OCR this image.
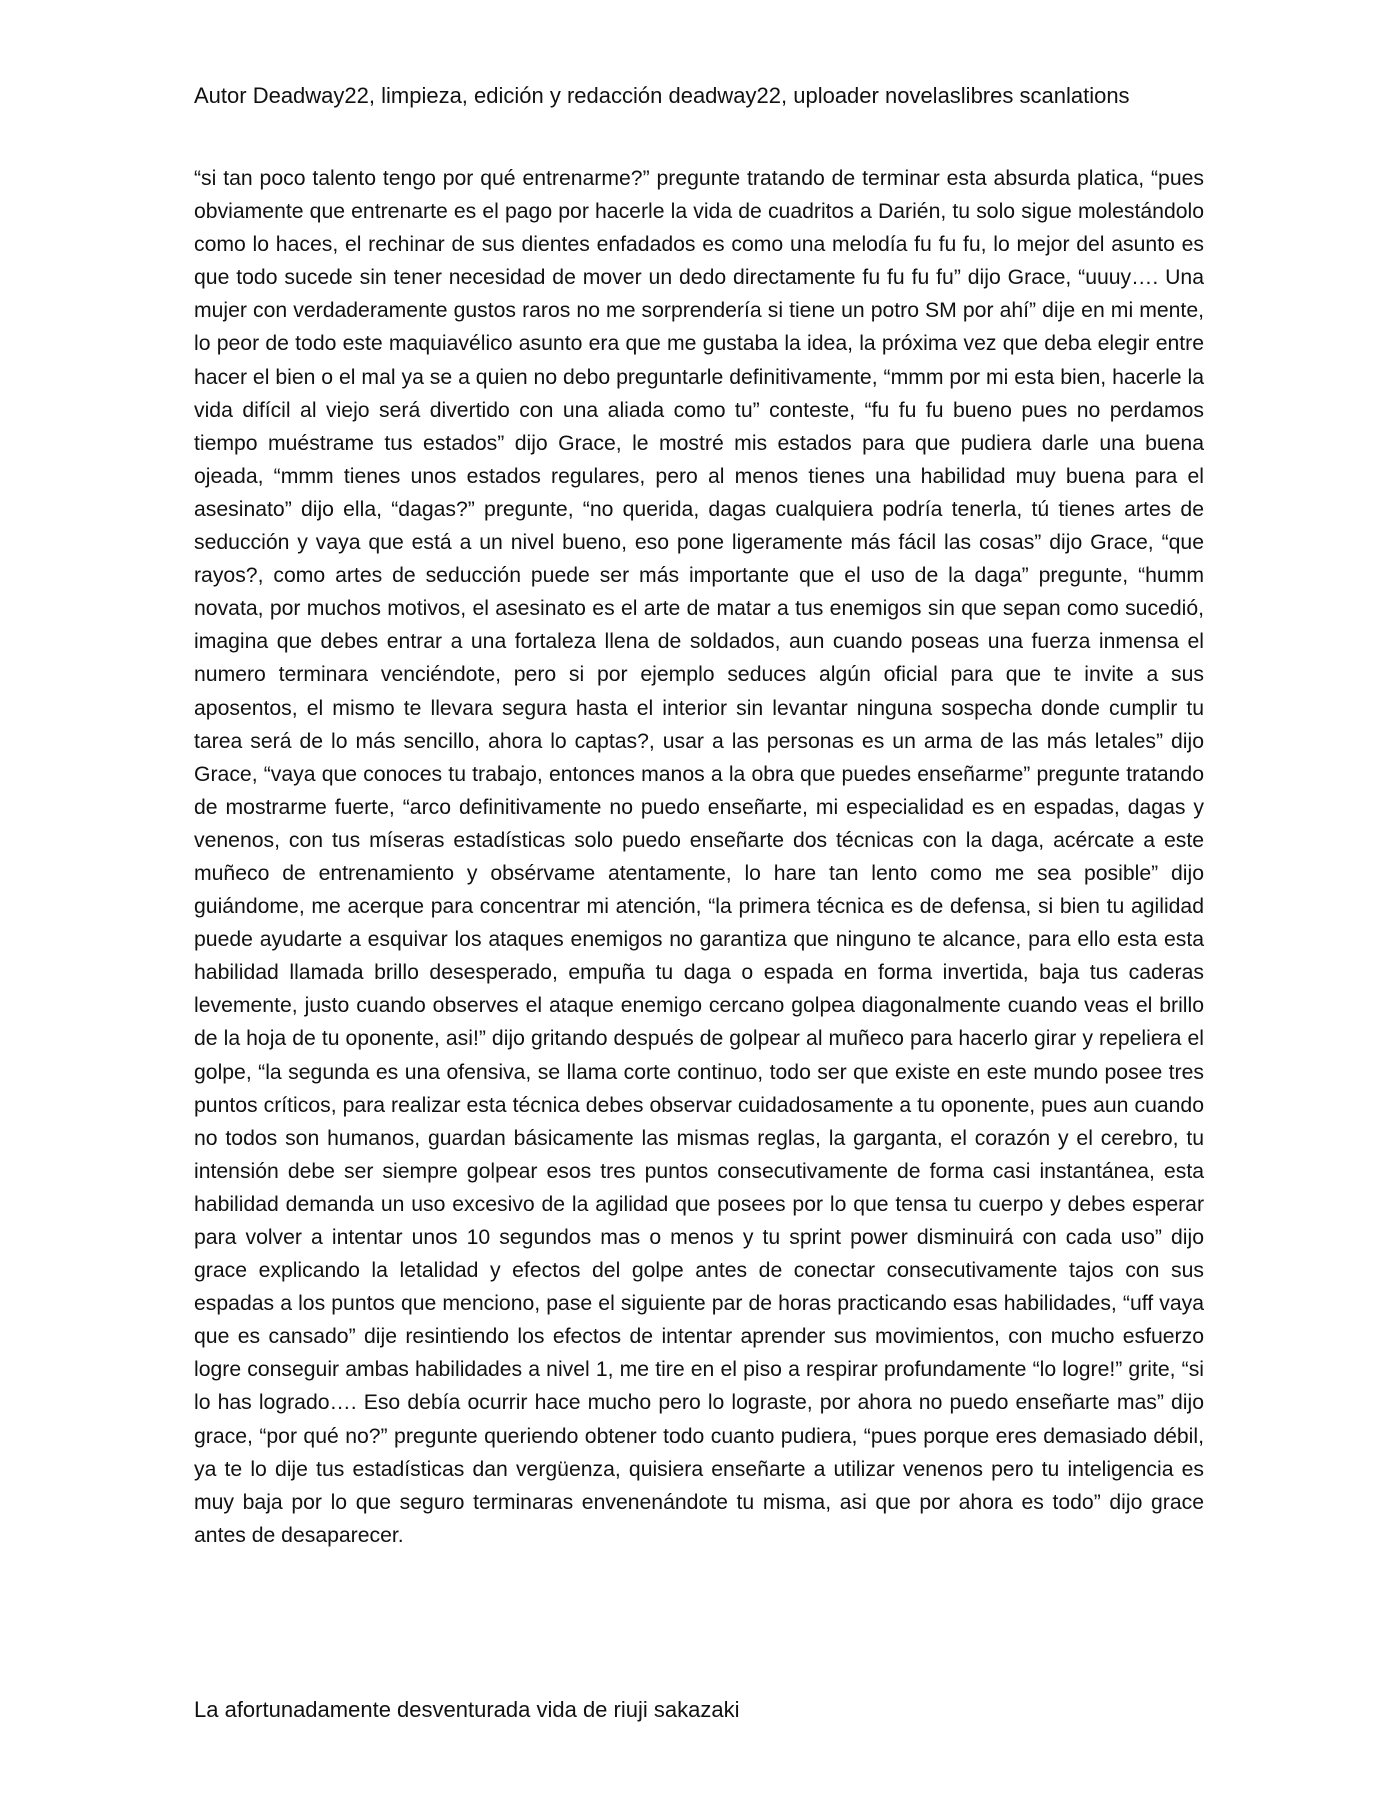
Autor Deadway22, limpieza, edición y redacción deadway22, uploader novelaslibres scanlations
“si tan poco talento tengo por qué entrenarme?” pregunte tratando de terminar esta absurda platica, “pues obviamente que entrenarte es el pago por hacerle la vida de cuadritos a Darién, tu solo sigue molestándolo como lo haces, el rechinar de sus dientes enfadados es como una melodía fu fu fu, lo mejor del asunto es que todo sucede sin tener necesidad de mover un dedo directamente fu fu fu fu” dijo Grace, “uuuy…. Una mujer con verdaderamente gustos raros no me sorprendería si tiene un potro SM por ahí” dije en mi mente, lo peor de todo este maquiavélico asunto era que me gustaba la idea, la próxima vez que deba elegir entre hacer el bien o el mal ya se a quien no debo preguntarle definitivamente, “mmm por mi esta bien, hacerle la vida difícil al viejo será divertido con una aliada como tu” conteste, “fu fu fu bueno pues no perdamos tiempo muéstrame tus estados” dijo Grace, le mostré mis estados para que pudiera darle una buena ojeada, “mmm tienes unos estados regulares, pero al menos tienes una habilidad muy buena para el asesinato” dijo ella, “dagas?” pregunte, “no querida, dagas cualquiera podría tenerla, tú tienes artes de seducción y vaya que está a un nivel bueno, eso pone ligeramente más fácil las cosas” dijo Grace, “que rayos?, como artes de seducción puede ser más importante que el uso de la daga” pregunte, “humm novata, por muchos motivos, el asesinato es el arte de matar a tus enemigos sin que sepan como sucedió, imagina que debes entrar a una fortaleza llena de soldados, aun cuando poseas una fuerza inmensa el numero terminara venciéndote, pero si por ejemplo seduces algún oficial para que te invite a sus aposentos, el mismo te llevara segura hasta el interior sin levantar ninguna sospecha donde cumplir tu tarea será de lo más sencillo, ahora lo captas?, usar a las personas es un arma de las más letales” dijo Grace, “vaya que conoces tu trabajo, entonces manos a la obra que puedes enseñarme” pregunte tratando de mostrarme fuerte, “arco definitivamente no puedo enseñarte, mi especialidad es en espadas, dagas y venenos, con tus míseras estadísticas solo puedo enseñarte dos técnicas con la daga, acércate a este muñeco de entrenamiento y obsérvame atentamente, lo hare tan lento como me sea posible” dijo guiándome, me acerque para concentrar mi atención, “la primera técnica es de defensa, si bien tu agilidad puede ayudarte a esquivar los ataques enemigos no garantiza que ninguno te alcance, para ello esta esta habilidad llamada brillo desesperado, empuña tu daga o espada en forma invertida, baja tus caderas levemente, justo cuando observes el ataque enemigo cercano golpea diagonalmente cuando veas el brillo de la hoja de tu oponente, asi!” dijo gritando después de golpear al muñeco para hacerlo girar y repeliera el golpe, “la segunda es una ofensiva, se llama corte continuo, todo ser que existe en este mundo posee tres puntos críticos, para realizar esta técnica debes observar cuidadosamente a tu oponente, pues aun cuando no todos son humanos, guardan básicamente las mismas reglas, la garganta, el corazón y el cerebro, tu intensión debe ser siempre golpear esos tres puntos consecutivamente de forma casi instantánea, esta habilidad demanda un uso excesivo de la agilidad que posees por lo que tensa tu cuerpo y debes esperar para volver a intentar unos 10 segundos mas o menos y tu sprint power disminuirá con cada uso” dijo grace explicando la letalidad y efectos del golpe antes de conectar consecutivamente tajos con sus espadas a los puntos que menciono, pase el siguiente par de horas practicando esas habilidades, “uff vaya que es cansado” dije resintiendo los efectos de intentar aprender sus movimientos, con mucho esfuerzo logre conseguir ambas habilidades a nivel 1, me tire en el piso a respirar profundamente “lo logre!” grite, “si lo has logrado…. Eso debía ocurrir hace mucho pero lo lograste, por ahora no puedo enseñarte mas” dijo grace, “por qué no?” pregunte queriendo obtener todo cuanto pudiera, “pues porque eres demasiado débil, ya te lo dije tus estadísticas dan vergüenza, quisiera enseñarte a utilizar venenos pero tu inteligencia es muy baja por lo que seguro terminaras envenenándote tu misma, asi que por ahora es todo” dijo grace antes de desaparecer.
La afortunadamente desventurada vida de riuji sakazaki
